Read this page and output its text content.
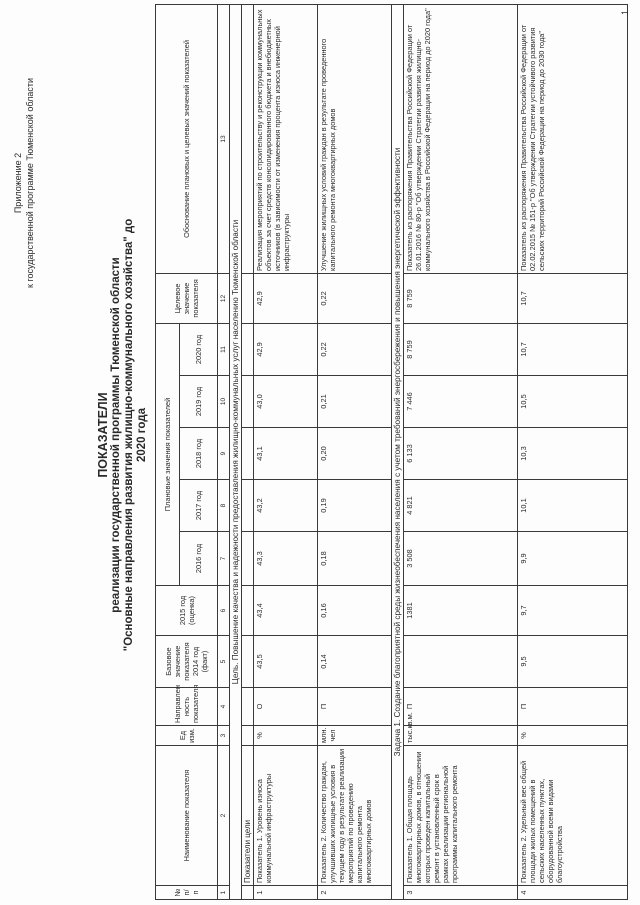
Приложение 2 к государственной программе Тюменской области
ПОКАЗАТЕЛИ реализации государственной программы Тюменской области "Основные направления развития жилищно-коммунального хозяйства" до 2020 года
№ п/п	Наименование показателя	Ед изм.	Направлен ность показателя	Базовое значение показателя 2014 год (факт)	2015 год (оценка)	Плановые значения показателей					Целевое значение показателя	Обоснование плановых и целевых значений показателей
						2016 год	2017 год	2018 год	2019 год	2020 год		
1	2	3	4	5	6	7	8	9	10	11	12	13
Цель. Повышение качества и надежности предоставления жилищно-коммунальных услуг населению Тюменской области												
	Показатели цели											
1	Показатель 1. Уровень износа коммунальной инфраструктуры	%	О	43,5	43,4	43,3	43,2	43,1	43,0	42,9	42,9	Реализация мероприятий по строительству и реконструкции коммунальных объектов за счет средств консолидированного бюджета и внебюджетных источников (в зависимости от изменения процента износа инженерной инфраструктуры
2	Показатель 2. Количество граждан, улучшивших жилищные условия в текущем году в результате реализации мероприятий по проведению капитального ремонта многоквартирных домов	млн. чел	П	0,14	0,16	0,18	0,19	0,20	0,21	0,22	0,22	Улучшение жилищных условий граждан в результате проведенного капитального ремонта многоквартирных домов
Задача 1. Создание благоприятной среды жизнеобеспечения населения с учетом требований энергосбережения и повышения энергетической эффективности												
3	Показатель 1. Общая площадь многоквартирных домов, в отношении которых проведен капитальный ремонт в установленный срок в рамках реализации региональной программы капитального ремонта	тыс.кв.м.	П		1381	3 508	4 821	6 133	7 446	8 759	8 759	Показатель из распоряжения Правительства Российской Федерации от 26.01.2016 № 80-р "Об утверждении Стратегии развития жилищно-коммунального хозяйства в Российской Федерации на период до 2020 года"
4	Показатель 2. Удельный вес общей площади жилых помещений в сельских населенных пунктах, оборудованной всеми видами благоустройства	%	П	9,5	9,7	9,9	10,1	10,3	10,5	10,7	10,7	Показатель из распоряжения Правительства Российской Федерации от 02.02.2015 № 151-р "Об утверждении Стратегии устойчивого развития сельских территорий Российской Федерации на период до 2030 года"
1
